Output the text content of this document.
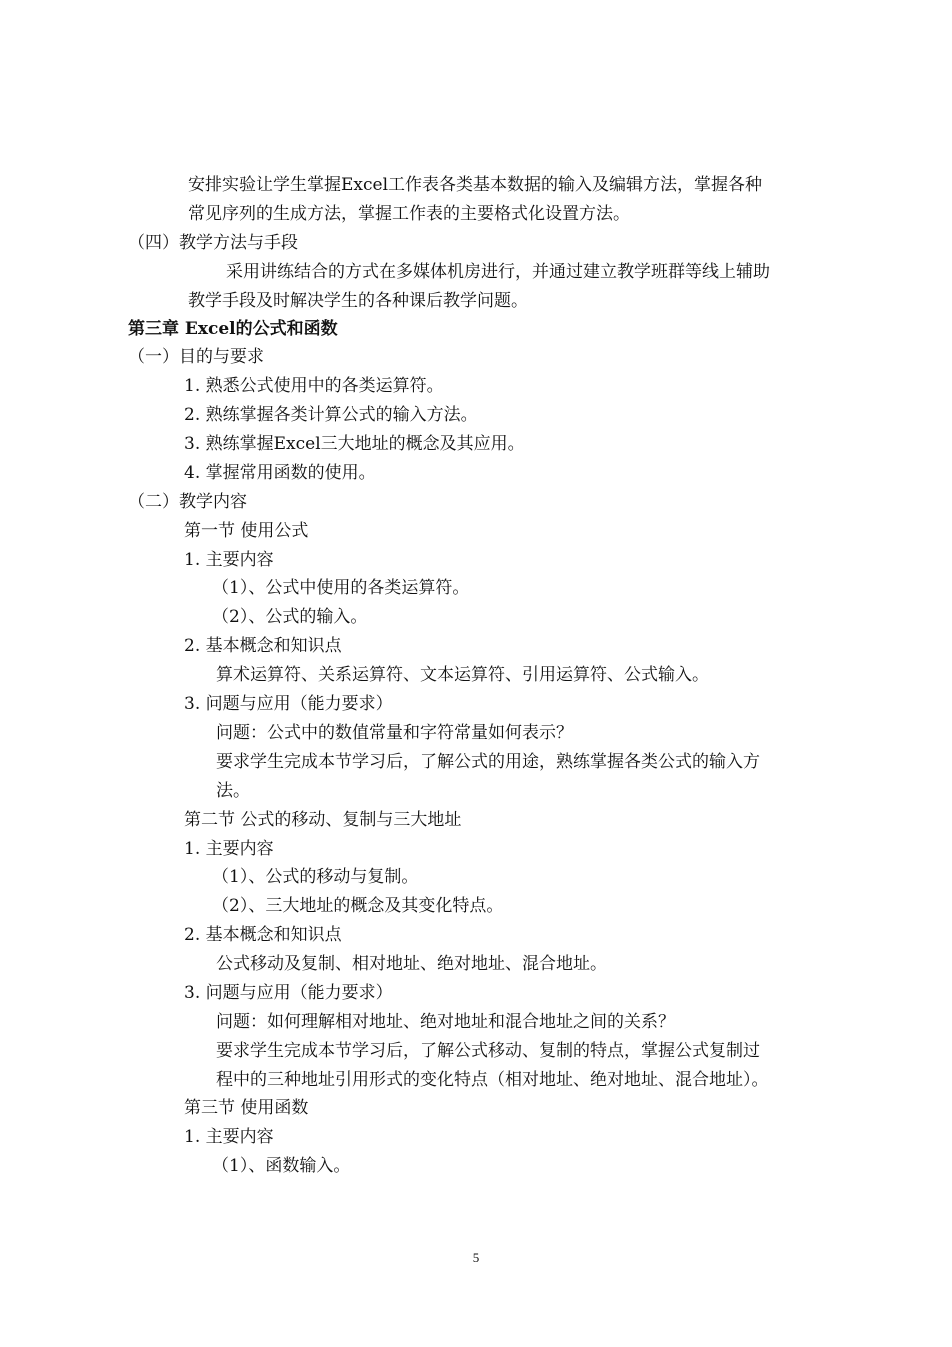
安排实验让学生掌握Excel工作表各类基本数据的输入及编辑方法，掌握各种
常见序列的生成方法，掌握工作表的主要格式化设置方法。
（四）教学方法与手段
采用讲练结合的方式在多媒体机房进行，并通过建立教学班群等线上辅助
教学手段及时解决学生的各种课后教学问题。
第三章 Excel的公式和函数
（一）目的与要求
1. 熟悉公式使用中的各类运算符。
2. 熟练掌握各类计算公式的输入方法。
3. 熟练掌握Excel三大地址的概念及其应用。
4. 掌握常用函数的使用。
（二）教学内容
第一节 使用公式
1. 主要内容
（1）、公式中使用的各类运算符。
（2）、公式的输入。
2. 基本概念和知识点
算术运算符、关系运算符、文本运算符、引用运算符、公式输入。
3. 问题与应用（能力要求）
问题：公式中的数值常量和字符常量如何表示？
要求学生完成本节学习后，了解公式的用途，熟练掌握各类公式的输入方
法。
第二节 公式的移动、复制与三大地址
1. 主要内容
（1）、公式的移动与复制。
（2）、三大地址的概念及其变化特点。
2. 基本概念和知识点
公式移动及复制、相对地址、绝对地址、混合地址。
3. 问题与应用（能力要求）
问题：如何理解相对地址、绝对地址和混合地址之间的关系？
要求学生完成本节学习后，了解公式移动、复制的特点，掌握公式复制过
程中的三种地址引用形式的变化特点（相对地址、绝对地址、混合地址）。
第三节 使用函数
1. 主要内容
（1）、函数输入。
5
